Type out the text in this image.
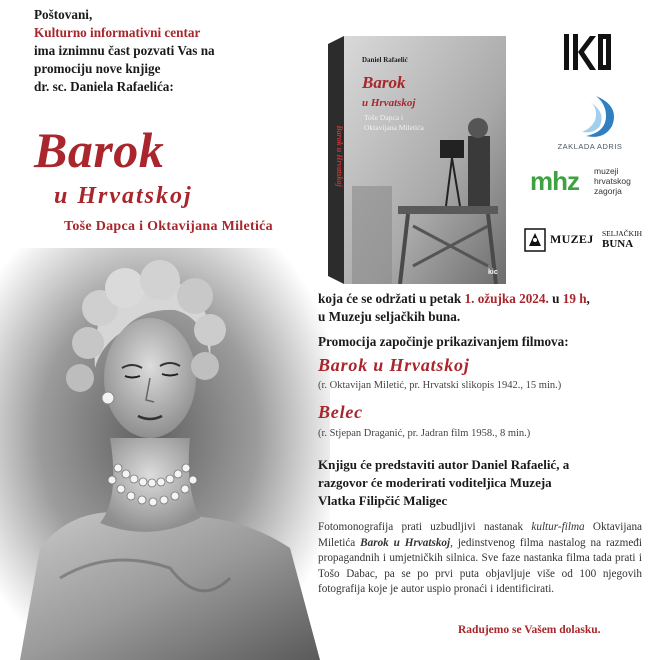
Poštovani,
Kulturno informativni centar
ima iznimnu čast pozvati Vas na
promociju nove knjige
dr. sc. Daniela Rafaelića:
Barok
u Hrvatskoj
Toše Dapca i Oktavijana Miletića
Barok u Hrvatskoj
Daniel Rafaelić
Barok
u Hrvatskoj
Toše Dapca i
Oktavijana Miletića
kic
ZAKLADA ADRIS
mhz muzeji
hrvatskog
zagorja
MUZEJ SELJAČKIH
BUNA
koja će se održati u petak 1. ožujka 2024. u 19 h,
u Muzeju seljačkih buna.
Promocija započinje prikazivanjem filmova:
Barok u Hrvatskoj
(r. Oktavijan Miletić, pr. Hrvatski slikopis 1942., 15 min.)
Belec
(r. Stjepan Draganić, pr. Jadran film 1958., 8 min.)
Knjigu će predstaviti autor Daniel Rafaelić, a
razgovor će moderirati voditeljica Muzeja
Vlatka Filipčić Maligec
Fotomonografija prati uzbudljivi nastanak kultur-filma Oktavijana Miletića Barok u Hrvatskoj, jedinstvenog filma nastalog na razmeđi propagandnih i umjetničkih silnica. Sve faze nastanka filma tada prati i Tošo Dabac, pa se po prvi puta objavljuje više od 100 njegovih fotografija koje je autor uspio pronaći i identificirati.
Radujemo se Vašem dolasku.
